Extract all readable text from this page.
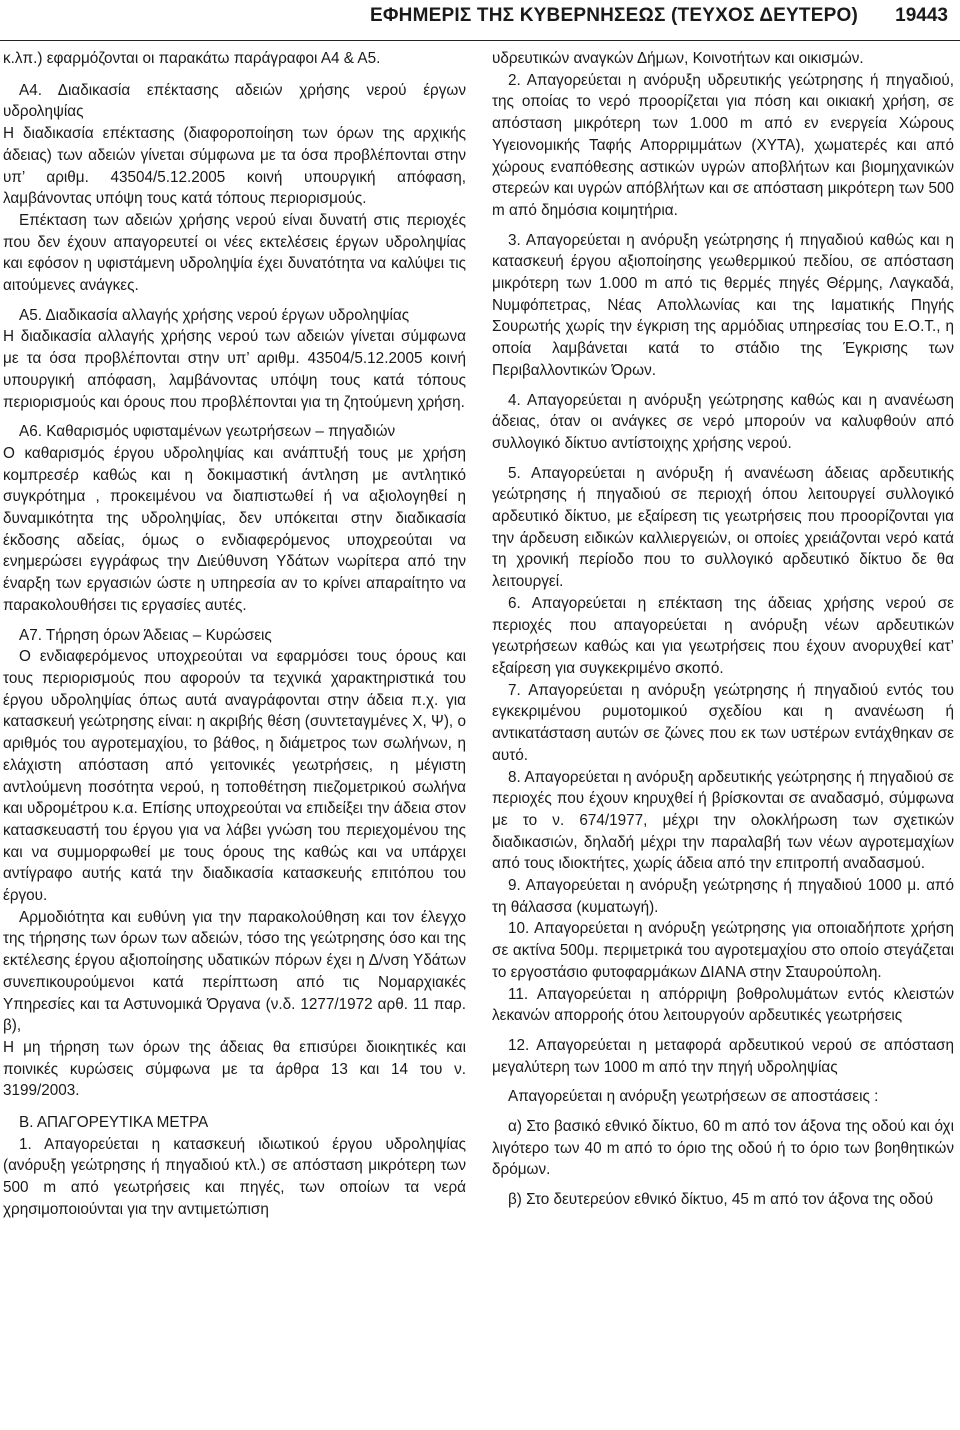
ΕΦΗΜΕΡΙΣ ΤΗΣ ΚΥΒΕΡΝΗΣΕΩΣ (ΤΕΥΧΟΣ ΔΕΥΤΕΡΟ) 19443

κ.λπ.) εφαρμόζονται οι παρακάτω παράγραφοι Α4 & Α5.

Α4. Διαδικασία επέκτασης αδειών χρήσης νερού έργων υδροληψίας

Η διαδικασία επέκτασης (διαφοροποίηση των όρων της αρχικής άδειας) των αδειών γίνεται σύμφωνα με τα όσα προβλέπονται στην υπ’ αριθμ. 43504/5.12.2005 κοινή υπουργική απόφαση, λαμβάνοντας υπόψη τους κατά τόπους περιορισμούς.

Επέκταση των αδειών χρήσης νερού είναι δυνατή στις περιοχές που δεν έχουν απαγορευτεί οι νέες εκτελέσεις έργων υδροληψίας και εφόσον η υφιστάμενη υδροληψία έχει δυνατότητα να καλύψει τις αιτούμενες ανάγκες.

Α5. Διαδικασία αλλαγής χρήσης νερού έργων υδροληψίας

Η διαδικασία αλλαγής χρήσης νερού των αδειών γίνεται σύμφωνα με τα όσα προβλέπονται στην υπ’ αριθμ. 43504/5.12.2005 κοινή υπουργική απόφαση, λαμβάνοντας υπόψη τους κατά τόπους περιορισμούς και όρους που προβλέπονται για τη ζητούμενη χρήση.

Α6. Καθαρισμός υφισταμένων γεωτρήσεων – πηγαδιών

Ο καθαρισμός έργου υδροληψίας και ανάπτυξή τους με χρήση κομπρεσέρ καθώς και η δοκιμαστική άντληση με αντλητικό συγκρότημα , προκειμένου να διαπιστωθεί ή να αξιολογηθεί η δυναμικότητα της υδροληψίας, δεν υπόκειται στην διαδικασία έκδοσης αδείας, όμως ο ενδιαφερόμενος υποχρεούται να ενημερώσει εγγράφως την Διεύθυνση Υδάτων νωρίτερα από την έναρξη των εργασιών ώστε η υπηρεσία αν το κρίνει απαραίτητο να παρακολουθήσει τις εργασίες αυτές.

Α7. Τήρηση όρων Άδειας – Κυρώσεις

Ο ενδιαφερόμενος υποχρεούται να εφαρμόσει τους όρους και τους περιορισμούς που αφορούν τα τεχνικά χαρακτηριστικά του έργου υδροληψίας όπως αυτά αναγράφονται στην άδεια π.χ. για κατασκευή γεώτρησης είναι: η ακριβής θέση (συντεταγμένες Χ, Ψ), ο αριθμός του αγροτεμαχίου, το βάθος, η διάμετρος των σωλήνων, η ελάχιστη απόσταση από γειτονικές γεωτρήσεις, η μέγιστη αντλούμενη ποσότητα νερού, η τοποθέτηση πιεζομετρικού σωλήνα και υδρομέτρου κ.α. Επίσης υποχρεούται να επιδείξει την άδεια στον κατασκευαστή του έργου για να λάβει γνώση του περιεχομένου της και να συμμορφωθεί με τους όρους της καθώς και να υπάρχει αντίγραφο αυτής κατά την διαδικασία κατασκευής επιτόπου του έργου.

Αρμοδιότητα και ευθύνη για την παρακολούθηση και τον έλεγχο της τήρησης των όρων των αδειών, τόσο της γεώτρησης όσο και της εκτέλεσης έργου αξιοποίησης υδατικών πόρων έχει η Δ/νση Υδάτων συνεπικουρούμενοι κατά περίπτωση από τις Νομαρχιακές Υπηρεσίες και τα Αστυνομικά Όργανα (ν.δ. 1277/1972 αρθ. 11 παρ. β),

Η μη τήρηση των όρων της άδειας θα επισύρει διοικητικές και ποινικές κυρώσεις σύμφωνα με τα άρθρα 13 και 14 του ν. 3199/2003.

Β. ΑΠΑΓΟΡΕΥΤΙΚΑ ΜΕΤΡΑ

1. Απαγορεύεται η κατασκευή ιδιωτικού έργου υδροληψίας (ανόρυξη γεώτρησης ή πηγαδιού κτλ.) σε απόσταση μικρότερη των 500 m από γεωτρήσεις και πηγές, των οποίων τα νερά χρησιμοποιούνται για την αντιμετώπιση

υδρευτικών αναγκών Δήμων, Κοινοτήτων και οικισμών.

2. Απαγορεύεται η ανόρυξη υδρευτικής γεώτρησης ή πηγαδιού, της οποίας το νερό προορίζεται για πόση και οικιακή χρήση, σε απόσταση μικρότερη των 1.000 m από εν ενεργεία Χώρους Υγειονομικής Ταφής Απορριμμάτων (ΧΥΤΑ), χωματερές και από χώρους εναπόθεσης αστικών υγρών αποβλήτων και βιομηχανικών στερεών και υγρών απόβλήτων και σε απόσταση μικρότερη των 500 m από δημόσια κοιμητήρια.

3. Απαγορεύεται η ανόρυξη γεώτρησης ή πηγαδιού καθώς και η κατασκευή έργου αξιοποίησης γεωθερμικού πεδίου, σε απόσταση μικρότερη των 1.000 m από τις θερμές πηγές Θέρμης, Λαγκαδά, Νυμφόπετρας, Νέας Απολλωνίας και της Ιαματικής Πηγής Σουρωτής χωρίς την έγκριση της αρμόδιας υπηρεσίας του Ε.Ο.Τ., η οποία λαμβάνεται κατά το στάδιο της Έγκρισης των Περιβαλλοντικών Όρων.

4. Απαγορεύεται η ανόρυξη γεώτρησης καθώς και η ανανέωση άδειας, όταν οι ανάγκες σε νερό μπορούν να καλυφθούν από συλλογικό δίκτυο αντίστοιχης χρήσης νερού.

5. Απαγορεύεται η ανόρυξη ή ανανέωση άδειας αρδευτικής γεώτρησης ή πηγαδιού σε περιοχή όπου λειτουργεί συλλογικό αρδευτικό δίκτυο, με εξαίρεση τις γεωτρήσεις που προορίζονται για την άρδευση ειδικών καλλιεργειών, οι οποίες χρειάζονται νερό κατά τη χρονική περίοδο που το συλλογικό αρδευτικό δίκτυο δε θα λειτουργεί.

6. Απαγορεύεται η επέκταση της άδειας χρήσης νερού σε περιοχές που απαγορεύεται η ανόρυξη νέων αρδευτικών γεωτρήσεων καθώς και για γεωτρήσεις που έχουν ανορυχθεί κατ’ εξαίρεση για συγκεκριμένο σκοπό.

7. Απαγορεύεται η ανόρυξη γεώτρησης ή πηγαδιού εντός του εγκεκριμένου ρυμοτομικού σχεδίου και η ανανέωση ή αντικατάσταση αυτών σε ζώνες που εκ των υστέρων εντάχθηκαν σε αυτό.

8. Απαγορεύεται η ανόρυξη αρδευτικής γεώτρησης ή πηγαδιού σε περιοχές που έχουν κηρυχθεί ή βρίσκονται σε αναδασμό, σύμφωνα με το ν. 674/1977, μέχρι την ολοκλήρωση των σχετικών διαδικασιών, δηλαδή μέχρι την παραλαβή των νέων αγροτεμαχίων από τους ιδιοκτήτες, χωρίς άδεια από την επιτροπή αναδασμού.

9. Απαγορεύεται η ανόρυξη γεώτρησης ή πηγαδιού 1000 μ. από τη θάλασσα (κυματωγή).

10. Απαγορεύεται η ανόρυξη γεώτρησης για οποιαδήποτε χρήση σε ακτίνα 500μ. περιμετρικά του αγροτεμαχίου στο οποίο στεγάζεται το εργοστάσιο φυτοφαρμάκων ΔΙΑΝΑ στην Σταυρούπολη.

11. Απαγορεύεται η απόρριψη βοθρολυμάτων εντός κλειστών λεκανών απορροής ότου λειτουργούν αρδευτικές γεωτρήσεις

12. Απαγορεύεται η μεταφορά αρδευτικού νερού σε απόσταση μεγαλύτερη των 1000 m από την πηγή υδροληψίας

Απαγορεύεται η ανόρυξη γεωτρήσεων σε αποστάσεις :

α) Στο βασικό εθνικό δίκτυο, 60 m από τον άξονα της οδού και όχι λιγότερο των 40 m από το όριο της οδού ή το όριο των βοηθητικών δρόμων.

β) Στο δευτερεύον εθνικό δίκτυο, 45 m από τον άξονα της οδού
